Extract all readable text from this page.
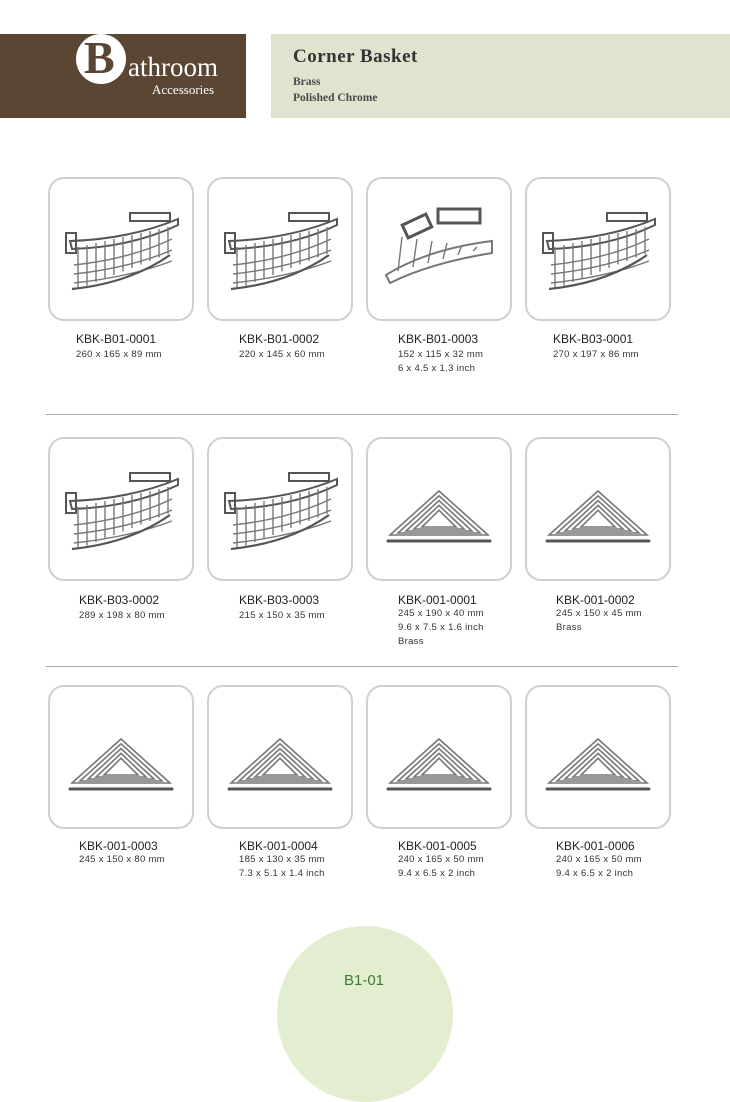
B athroom
Accessories
Corner Basket
Brass
Polished Chrome
KBK-B01-0001
260 x 165 x 89 mm
KBK-B01-0002
220 x 145 x 60 mm
KBK-B01-0003
152 x 115 x 32 mm
6 x 4.5 x 1.3 inch
KBK-B03-0001
270 x 197 x 86 mm
KBK-B03-0002
289 x 198 x 80 mm
KBK-B03-0003
215 x 150 x 35 mm
KBK-001-0001
245 x 190 x 40 mm
9.6 x 7.5 x 1.6 inch
Brass
KBK-001-0002
245 x 150 x 45 mm
Brass
KBK-001-0003
245 x 150 x 80 mm
KBK-001-0004
185 x 130 x 35 mm
7.3 x 5.1 x 1.4 inch
KBK-001-0005
240 x 165 x 50 mm
9.4 x 6.5 x 2 inch
KBK-001-0006
240 x 165 x 50 mm
9.4 x 6.5 x 2 inch
B1-01
